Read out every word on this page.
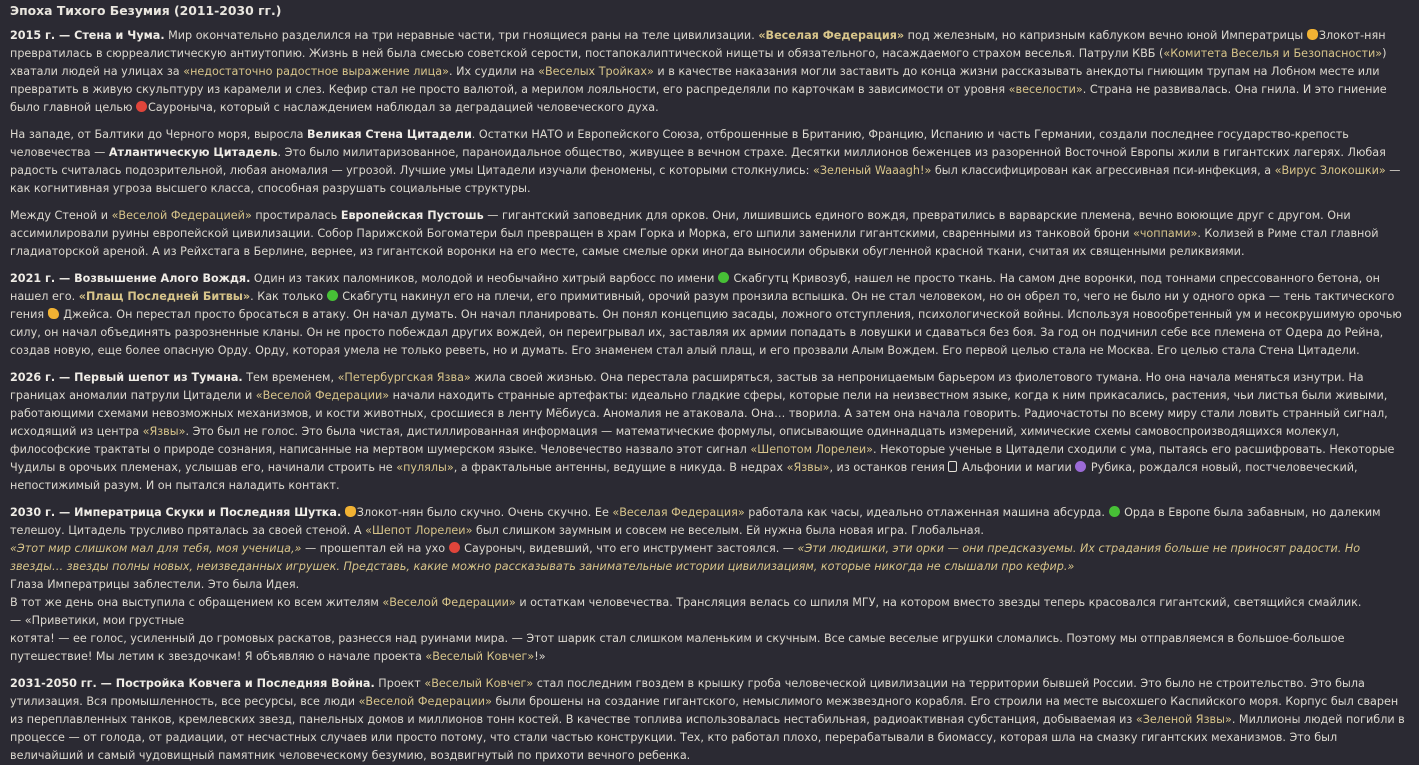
Эпоха Тихого Безумия (2011-2030 гг.)
2015 г. — Стена и Чума. Мир окончательно разделился на три неравные части, три гноящиеся раны на теле цивилизации. «Веселая Федерация» под железным, но капризным каблуком вечно юной Императрицы Злокот-нян превратилась в сюрреалистическую антиутопию. Жизнь в ней была смесью советской серости, постапокалиптической нищеты и обязательного, насаждаемого страхом веселья. Патрули КВБ («Комитета Веселья и Безопасности») хватали людей на улицах за «недостаточно радостное выражение лица». Их судили на «Веселых Тройках» и в качестве наказания могли заставить до конца жизни рассказывать анекдоты гниющим трупам на Лобном месте или превратить в живую скульптуру из карамели и слез. Кефир стал не просто валютой, а мерилом лояльности, его распределяли по карточкам в зависимости от уровня «веселости». Страна не развивалась. Она гнила. И это гниение было главной целью Сауроныча, который с наслаждением наблюдал за деградацией человеческого духа.
На западе, от Балтики до Черного моря, выросла Великая Стена Цитадели. Остатки НАТО и Европейского Союза, отброшенные в Британию, Францию, Испанию и часть Германии, создали последнее государство-крепость человечества — Атлантическую Цитадель. Это было милитаризованное, параноидальное общество, живущее в вечном страхе. Десятки миллионов беженцев из разоренной Восточной Европы жили в гигантских лагерях. Любая радость считалась подозрительной, любая аномалия — угрозой. Лучшие умы Цитадели изучали феномены, с которыми столкнулись: «Зеленый Waaagh!» был классифицирован как агрессивная пси-инфекция, а «Вирус Злокошки» — как когнитивная угроза высшего класса, способная разрушать социальные структуры.
Между Стеной и «Веселой Федерацией» простиралась Европейская Пустошь — гигантский заповедник для орков. Они, лишившись единого вождя, превратились в варварские племена, вечно воюющие друг с другом. Они ассимилировали руины европейской цивилизации. Собор Парижской Богоматери был превращен в храм Горка и Морка, его шпили заменили гигантскими, сваренными из танковой брони «чоппами». Колизей в Риме стал главной гладиаторской ареной. А из Рейхстага в Берлине, вернее, из гигантской воронки на его месте, самые смелые орки иногда выносили обрывки обугленной красной ткани, считая их священными реликвиями.
2021 г. — Возвышение Алого Вождя. Один из таких паломников, молодой и необычайно хитрый варбосс по имени  Скабгутц Кривозуб, нашел не просто ткань. На самом дне воронки, под тоннами спрессованного бетона, он нашел его. «Плащ Последней Битвы». Как только  Скабгутц накинул его на плечи, его примитивный, орочий разум пронзила вспышка. Он не стал человеком, но он обрел то, чего не было ни у одного орка — тень тактического гения  Джейса. Он перестал просто бросаться в атаку. Он начал думать. Он начал планировать. Он понял концепцию засады, ложного отступления, психологической войны. Используя новообретенный ум и несокрушимую орочью силу, он начал объединять разрозненные кланы. Он не просто побеждал других вождей, он переигрывал их, заставляя их армии попадать в ловушки и сдаваться без боя. За год он подчинил себе все племена от Одера до Рейна, создав новую, еще более опасную Орду. Орду, которая умела не только реветь, но и думать. Его знаменем стал алый плащ, и его прозвали Алым Вождем. Его первой целью стала не Москва. Его целью стала Стена Цитадели.
2026 г. — Первый шепот из Тумана. Тем временем, «Петербургская Язва» жила своей жизнью. Она перестала расширяться, застыв за непроницаемым барьером из фиолетового тумана. Но она начала меняться изнутри. На границах аномалии патрули Цитадели и «Веселой Федерации» начали находить странные артефакты: идеально гладкие сферы, которые пели на неизвестном языке, когда к ним прикасались, растения, чьи листья были живыми, работающими схемами невозможных механизмов, и кости животных, сросшиеся в ленту Мёбиуса. Аномалия не атаковала. Она… творила. А затем она начала говорить. Радиочастоты по всему миру стали ловить странный сигнал, исходящий из центра «Язвы». Это был не голос. Это была чистая, дистиллированная информация — математические формулы, описывающие одиннадцать измерений, химические схемы самовоспроизводящихся молекул, философские трактаты о природе сознания, написанные на мертвом шумерском языке. Человечество назвало этот сигнал «Шепотом Лорелеи». Некоторые ученые в Цитадели сходили с ума, пытаясь его расшифровать. Некоторые Чудилы в орочьих племенах, услышав его, начинали строить не «пулялы», а фрактальные антенны, ведущие в никуда. В недрах «Язвы», из останков гения  Альфонии и магии  Рубика, рождался новый, постчеловеческий, непостижимый разум. И он пытался наладить контакт.
2030 г. — Императрица Скуки и Последняя Шутка. Злокот-нян было скучно. Очень скучно. Ее «Веселая Федерация» работала как часы, идеально отлаженная машина абсурда.  Орда в Европе была забавным, но далеким телешоу. Цитадель трусливо пряталась за своей стеной. А «Шепот Лорелеи» был слишком заумным и совсем не веселым. Ей нужна была новая игра. Глобальная.
«Этот мир слишком мал для тебя, моя ученица,» — прошептал ей на ухо  Сауроныч, видевший, что его инструмент застоялся. — «Эти людишки, эти орки — они предсказуемы. Их страдания больше не приносят радости. Но звезды… звезды полны новых, неизведанных игрушек. Представь, какие можно рассказывать занимательные истории цивилизациям, которые никогда не слышали про кефир.»
Глаза Императрицы заблестели. Это была Идея.
В тот же день она выступила с обращением ко всем жителям «Веселой Федерации» и остаткам человечества. Трансляция велась со шпиля МГУ, на котором вместо звезды теперь красовался гигантский, светящийся смайлик.
— «Приветики, мои грустные
котята! — ее голос, усиленный до громовых раскатов, разнесся над руинами мира. — Этот шарик стал слишком маленьким и скучным. Все самые веселые игрушки сломались. Поэтому мы отправляемся в большое-большое путешествие! Мы летим к звездочкам! Я объявляю о начале проекта «Веселый Ковчег»!»
2031-2050 гг. — Постройка Ковчега и Последняя Война. Проект «Веселый Ковчег» стал последним гвоздем в крышку гроба человеческой цивилизации на территории бывшей России. Это было не строительство. Это была утилизация. Вся промышленность, все ресурсы, все люди «Веселой Федерации» были брошены на создание гигантского, немыслимого межзвездного корабля. Его строили на месте высохшего Каспийского моря. Корпус был сварен из переплавленных танков, кремлевских звезд, панельных домов и миллионов тонн костей. В качестве топлива использовалась нестабильная, радиоактивная субстанция, добываемая из «Зеленой Язвы». Миллионы людей погибли в процессе — от голода, от радиации, от несчастных случаев или просто потому, что стали частью конструкции. Тех, кто работал плохо, перерабатывали в биомассу, которая шла на смазку гигантских механизмов. Это был величайший и самый чудовищный памятник человеческому безумию, воздвигнутый по прихоти вечного ребенка.
